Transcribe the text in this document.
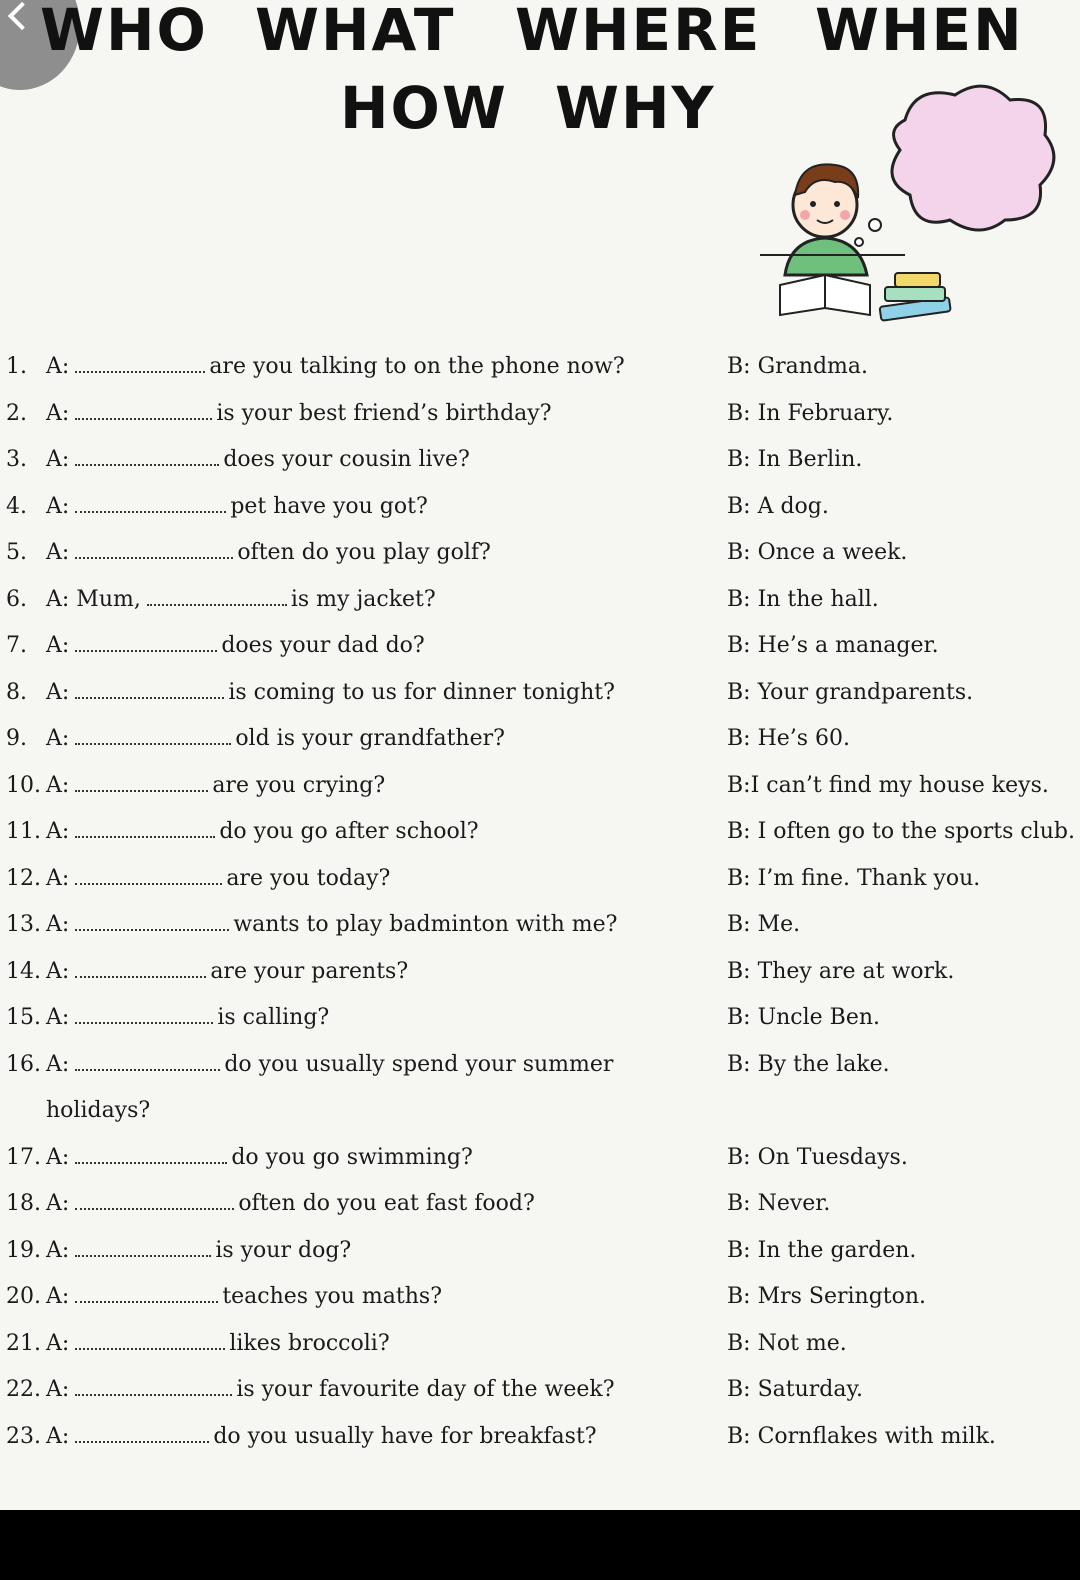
WHO WHAT WHERE WHEN
HOW WHY
1. A:	are you talking to on the phone now?	B: Grandma.
2. A:	is your best friend’s birthday?	B: In February.
3. A:	does your cousin live?	B: In Berlin.
4. A:	pet have you got?	B: A dog.
5. A:	often do you play golf?	B: Once a week.
6. A: Mum,	is my jacket?	B: In the hall.
7. A:	does your dad do?	B: He’s a manager.
8. A:	is coming to us for dinner tonight?	B: Your grandparents.
9. A:	old is your grandfather?	B: He’s 60.
10. A:	are you crying?	B:I can’t find my house keys.
11. A:	do you go after school?	B: I often go to the sports club.
12. A:	are you today?	B: I’m fine. Thank you.
13. A:	wants to play badminton with me?	B: Me.
14. A:	are your parents?	B: They are at work.
15. A:	is calling?	B: Uncle Ben.
16. A:	do you usually spend your summer	B: By the lake.
holidays?
17. A:	do you go swimming?	B: On Tuesdays.
18. A:	often do you eat fast food?	B: Never.
19. A:	is your dog?	B: In the garden.
20. A:	teaches you maths?	B: Mrs Serington.
21. A:	likes broccoli?	B: Not me.
22. A:	is your favourite day of the week?	B: Saturday.
23. A:	do you usually have for breakfast?	B: Cornflakes with milk.
